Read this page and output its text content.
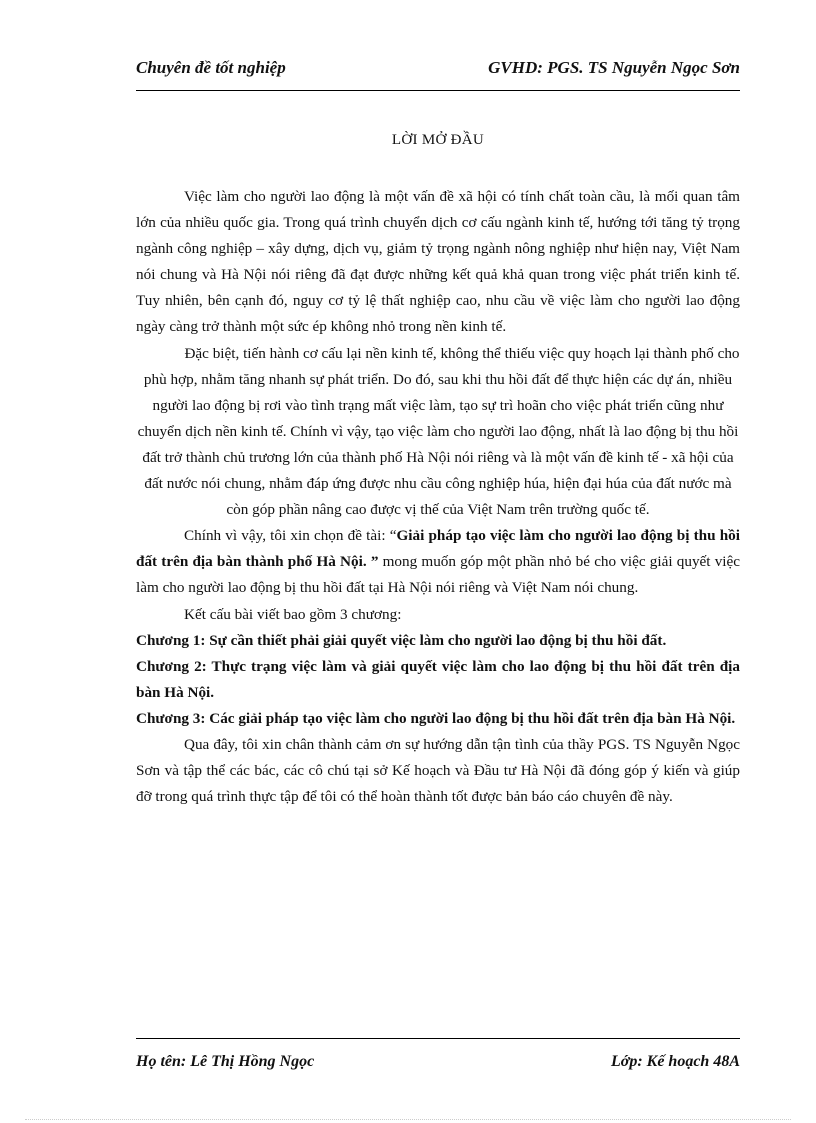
Chuyên đề tốt nghiệp	GVHD: PGS. TS Nguyễn Ngọc Sơn
LỜI MỞ ĐẦU

Việc làm cho người lao động là một vấn đề xã hội có tính chất toàn cầu, là mối quan tâm lớn của nhiều quốc gia. Trong quá trình chuyển dịch cơ cấu ngành kinh tế, hướng tới tăng tỷ trọng ngành công nghiệp – xây dựng, dịch vụ, giảm tỷ trọng ngành nông nghiệp như hiện nay, Việt Nam nói chung và Hà Nội nói riêng đã đạt được những kết quả khả quan trong việc phát triển kinh tế. Tuy nhiên, bên cạnh đó, nguy cơ tỷ lệ thất nghiệp cao, nhu cầu về việc làm cho người lao động ngày càng trở thành một sức ép không nhỏ trong nền kinh tế.

Đặc biệt, tiến hành cơ cấu lại nền kinh tế, không thể thiếu việc quy hoạch lại thành phố cho phù hợp, nhằm tăng nhanh sự phát triển. Do đó, sau khi thu hồi đất để thực hiện các dự án, nhiều người lao động bị rơi vào tình trạng mất việc làm, tạo sự trì hoãn cho việc phát triển cũng như chuyển dịch nền kinh tế. Chính vì vậy, tạo việc làm cho người lao động, nhất là lao động bị thu hồi đất trở thành chủ trương lớn của thành phố Hà Nội nói riêng và là một vấn đề kinh tế - xã hội của đất nước nói chung, nhằm đáp ứng được nhu cầu công nghiệp húa, hiện đại húa của đất nước mà còn góp phần nâng cao được vị thế của Việt Nam trên trường quốc tế.

Chính vì vậy, tôi xin chọn đề tài: “Giải pháp tạo việc làm cho người lao động bị thu hồi đất trên địa bàn thành phố Hà Nội. ” mong muốn góp một phần nhỏ bé cho việc giải quyết việc làm cho người lao động bị thu hồi đất tại Hà Nội nói riêng và Việt Nam nói chung.

Kết cấu bài viết bao gồm 3 chương:

Chương 1: Sự cần thiết phải giải quyết việc làm cho người lao động bị thu hồi đất.

Chương 2: Thực trạng việc làm và giải quyết việc làm cho lao động bị thu hồi đất trên địa bàn Hà Nội.

Chương 3: Các giải pháp tạo việc làm cho người lao động bị thu hồi đất trên địa bàn Hà Nội.

Qua đây, tôi xin chân thành cảm ơn sự hướng dẫn tận tình của thầy PGS. TS Nguyễn Ngọc Sơn và tập thể các bác, các cô chú tại sở Kế hoạch và Đầu tư Hà Nội đã đóng góp ý kiến và giúp đỡ trong quá trình thực tập để tôi có thể hoàn thành tốt được bản báo cáo chuyên đề này.

Họ tên: Lê Thị Hồng Ngọc	Lớp: Kế hoạch 48A
